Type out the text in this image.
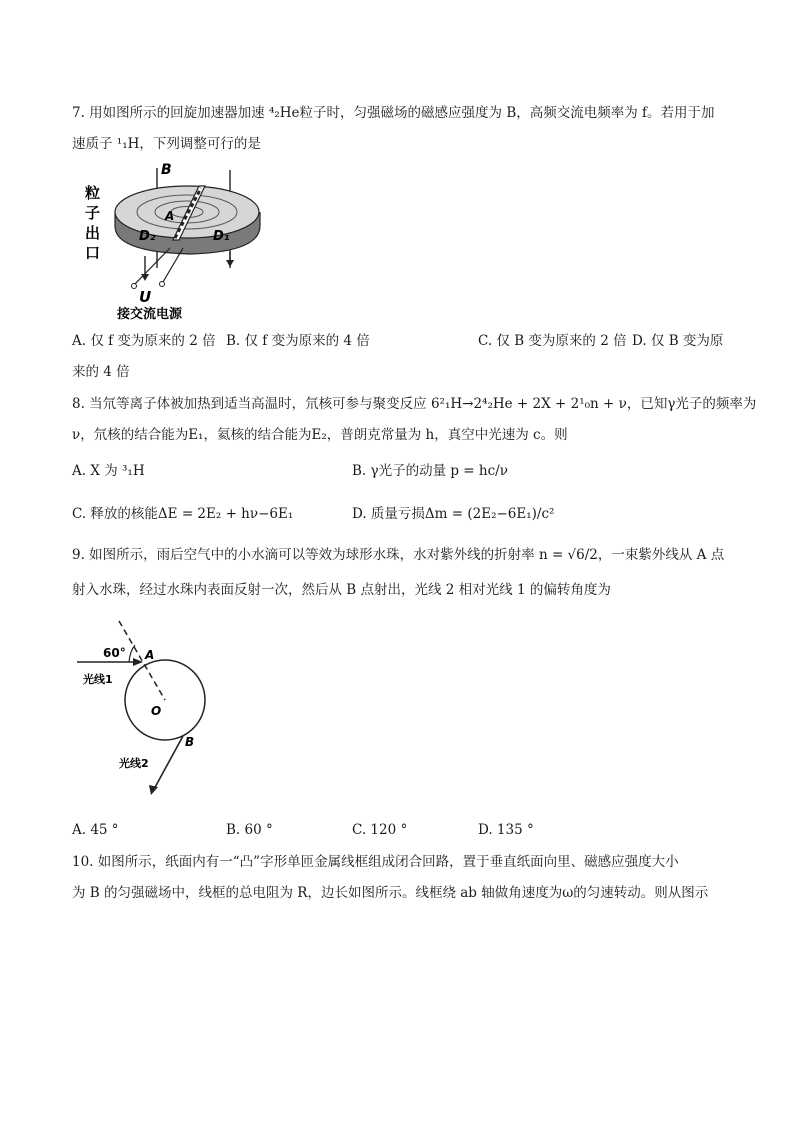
7. 用如图所示的回旋加速器加速 ⁴₂He粒子时，匀强磁场的磁感应强度为 B，高频交流电频率为 f。若用于加
速质子 ¹₁H，下列调整可行的是
B
A
D₂	D₁
U
粒
子
出
口
接交流电源
A. 仅 f 变为原来的 2 倍 B. 仅 f 变为原来的 4 倍	C. 仅 B 变为原来的 2 倍 D. 仅 B 变为原
来的 4 倍
8. 当氘等离子体被加热到适当高温时，氘核可参与聚变反应 6²₁H→2⁴₂He + 2X + 2¹₀n + ν，已知γ光子的频率为
ν，氘核的结合能为E₁，氦核的结合能为E₂，普朗克常量为 h，真空中光速为 c。则
A. X 为 ³₁H	B. γ光子的动量 p = hc/ν
C. 释放的核能ΔE = 2E₂ + hν−6E₁	D. 质量亏损Δm = (2E₂−6E₁)/c²
9. 如图所示，雨后空气中的小水滴可以等效为球形水珠，水对紫外线的折射率 n = √6/2，一束紫外线从 A 点
射入水珠，经过水珠内表面反射一次，然后从 B 点射出，光线 2 相对光线 1 的偏转角度为
60° A
O
B
光线1
光线2
A. 45 °	B. 60 °	C. 120 °	D. 135 °
10. 如图所示，纸面内有一“凸”字形单匝金属线框组成闭合回路，置于垂直纸面向里、磁感应强度大小
为 B 的匀强磁场中，线框的总电阻为 R，边长如图所示。线框绕 ab 轴做角速度为ω的匀速转动。则从图示
